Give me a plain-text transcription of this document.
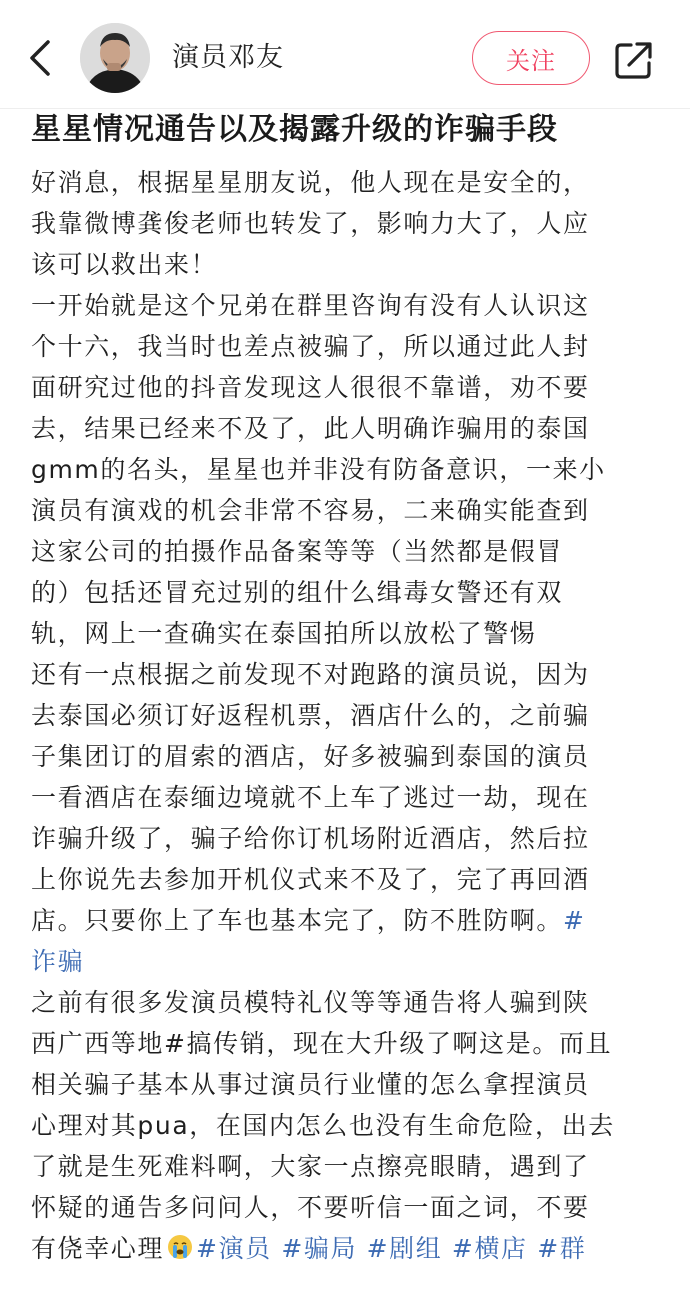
演员邓友	关注
星星情况通告以及揭露升级的诈骗手段
好消息，根据星星朋友说，他人现在是安全的，
我靠微博龚俊老师也转发了，影响力大了，人应
该可以救出来！
一开始就是这个兄弟在群里咨询有没有人认识这
个十六，我当时也差点被骗了，所以通过此人封
面研究过他的抖音发现这人很很不靠谱，劝不要
去，结果已经来不及了，此人明确诈骗用的泰国
gmm的名头，星星也并非没有防备意识，一来小
演员有演戏的机会非常不容易，二来确实能查到
这家公司的拍摄作品备案等等（当然都是假冒
的）包括还冒充过别的组什么缉毒女警还有双
轨，网上一查确实在泰国拍所以放松了警惕
还有一点根据之前发现不对跑路的演员说，因为
去泰国必须订好返程机票，酒店什么的，之前骗
子集团订的眉索的酒店，好多被骗到泰国的演员
一看酒店在泰缅边境就不上车了逃过一劫，现在
诈骗升级了，骗子给你订机场附近酒店，然后拉
上你说先去参加开机仪式来不及了，完了再回酒
店。只要你上了车也基本完了，防不胜防啊。#
诈骗
之前有很多发演员模特礼仪等等通告将人骗到陕
西广西等地#搞传销，现在大升级了啊这是。而且
相关骗子基本从事过演员行业懂的怎么拿捏演员
心理对其pua，在国内怎么也没有生命危险，出去
了就是生死难料啊，大家一点擦亮眼睛，遇到了
怀疑的通告多问问人，不要听信一面之词，不要
有侥幸心理 #演员 #骗局 #剧组 #横店 #群
